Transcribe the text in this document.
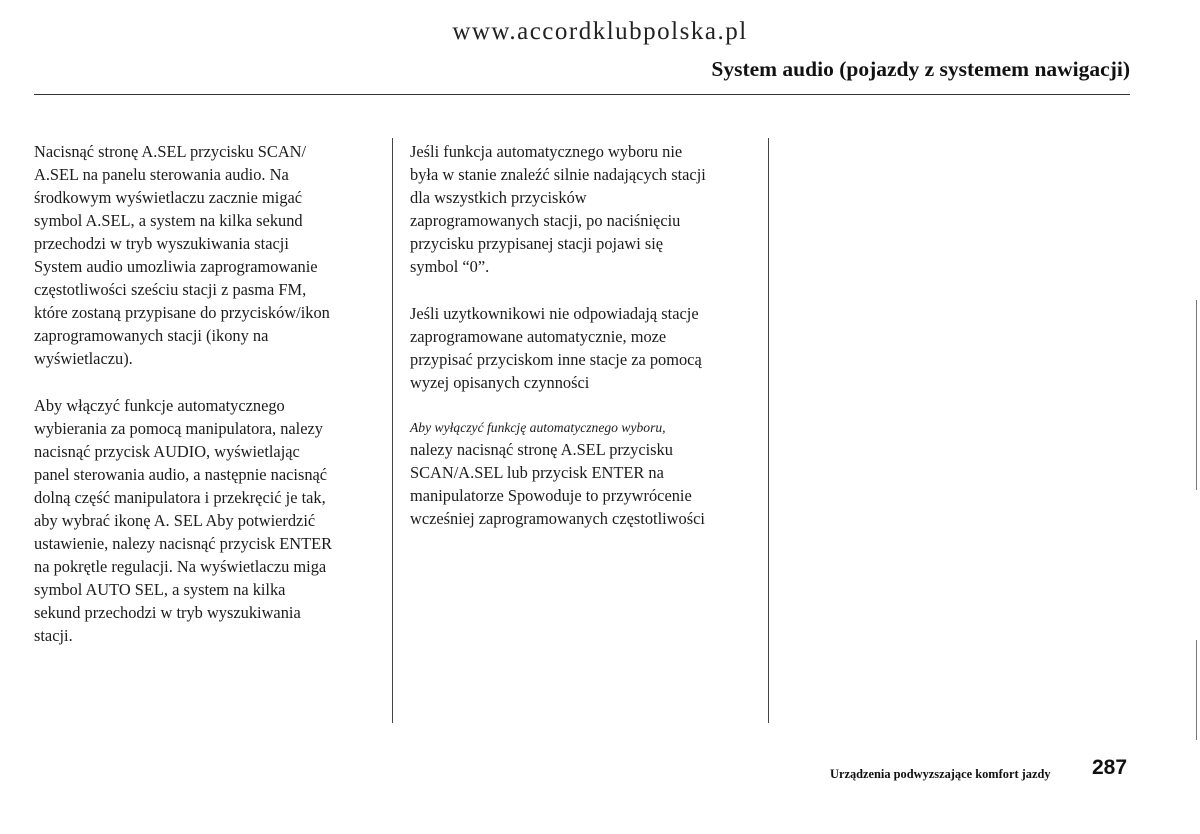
www.accordklubpolska.pl
System audio (pojazdy z systemem nawigacji)

Nacisnąć stronę A.SEL przycisku SCAN/
A.SEL na panelu sterowania audio. Na
środkowym wyświetlaczu zacznie migać
symbol A.SEL, a system na kilka sekund
przechodzi w tryb wyszukiwania stacji
System audio umozliwia zaprogramowanie
częstotliwości sześciu stacji z pasma FM,
które zostaną przypisane do przycisków/ikon
zaprogramowanych stacji (ikony na
wyświetlaczu).

Aby włączyć funkcje automatycznego
wybierania za pomocą manipulatora, nalezy
nacisnąć przycisk AUDIO, wyświetlając
panel sterowania audio, a następnie nacisnąć
dolną część manipulatora i przekręcić je tak,
aby wybrać ikonę A. SEL Aby potwierdzić
ustawienie, nalezy nacisnąć przycisk ENTER
na pokrętle regulacji. Na wyświetlaczu miga
symbol AUTO SEL, a system na kilka
sekund przechodzi w tryb wyszukiwania
stacji.

Jeśli funkcja automatycznego wyboru nie
była w stanie znaleźć silnie nadających stacji
dla wszystkich przycisków
zaprogramowanych stacji, po naciśnięciu
przycisku przypisanej stacji pojawi się
symbol “0”.

Jeśli uzytkownikowi nie odpowiadają stacje
zaprogramowane automatycznie, moze
przypisać przyciskom inne stacje za pomocą
wyzej opisanych czynności

Aby wyłączyć funkcję automatycznego wyboru,
nalezy nacisnąć stronę A.SEL przycisku
SCAN/A.SEL lub przycisk ENTER na
manipulatorze Spowoduje to przywrócenie
wcześniej zaprogramowanych częstotliwości

Urządzenia podwyzszające komfort jazdy 287
